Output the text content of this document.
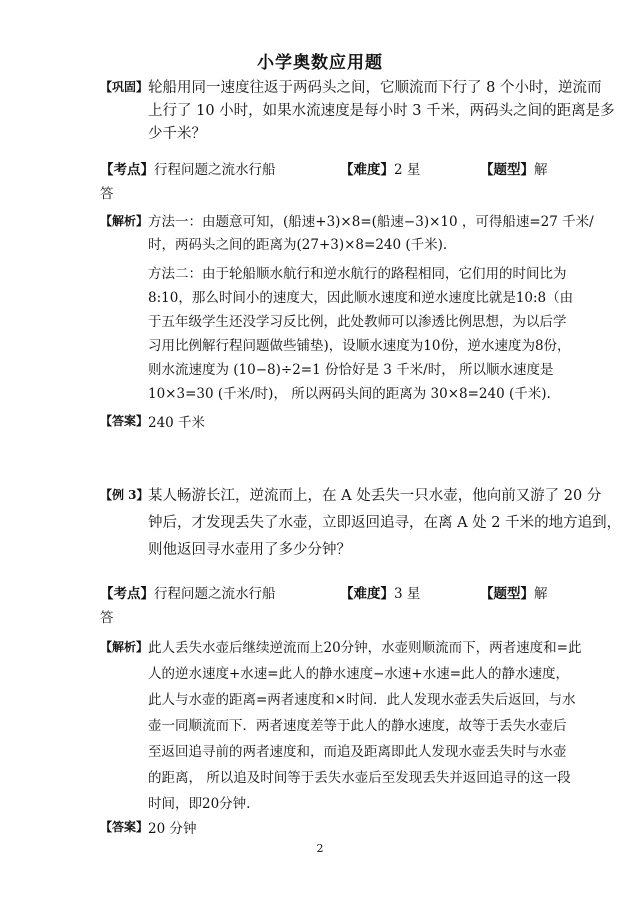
小学奥数应用题
【巩固】 轮船用同一速度往返于两码头之间，它顺流而下行了 8 个小时，逆流而
上行了 10 小时，如果水流速度是每小时 3 千米，两码头之间的距离是多
少千米？
【考点】行程问题之流水行船	【难度】2 星	【题型】解
答
【解析】 方法一：由题意可知，(船速+3)×8=(船速−3)×10 ，可得船速=27 千米/
时，两码头之间的距离为(27+3)×8=240 (千米).
方法二：由于轮船顺水航行和逆水航行的路程相同，它们用的时间比为
8:10，那么时间小的速度大，因此顺水速度和逆水速度比就是10:8（由
于五年级学生还没学习反比例，此处教师可以渗透比例思想，为以后学
习用比例解行程问题做些铺垫)，设顺水速度为10份，逆水速度为8份，
则水流速度为 (10−8)÷2=1 份恰好是 3 千米/时， 所以顺水速度是
10×3=30 (千米/时)， 所以两码头间的距离为 30×8=240 (千米).
【答案】 240 千米
【例 3】 某人畅游长江，逆流而上，在 A 处丢失一只水壶，他向前又游了 20 分
钟后，才发现丢失了水壶，立即返回追寻，在离 A 处 2 千米的地方追到，
则他返回寻水壶用了多少分钟？
【考点】行程问题之流水行船	【难度】3 星	【题型】解
答
【解析】 此人丢失水壶后继续逆流而上20分钟，水壶则顺流而下，两者速度和=此
人的逆水速度+水速=此人的静水速度−水速+水速=此人的静水速度，
此人与水壶的距离=两者速度和×时间．此人发现水壶丢失后返回，与水
壶一同顺流而下．两者速度差等于此人的静水速度，故等于丢失水壶后
至返回追寻前的两者速度和，而追及距离即此人发现水壶丢失时与水壶
的距离， 所以追及时间等于丢失水壶后至发现丢失并返回追寻的这一段
时间，即20分钟.
【答案】 20 分钟
2
